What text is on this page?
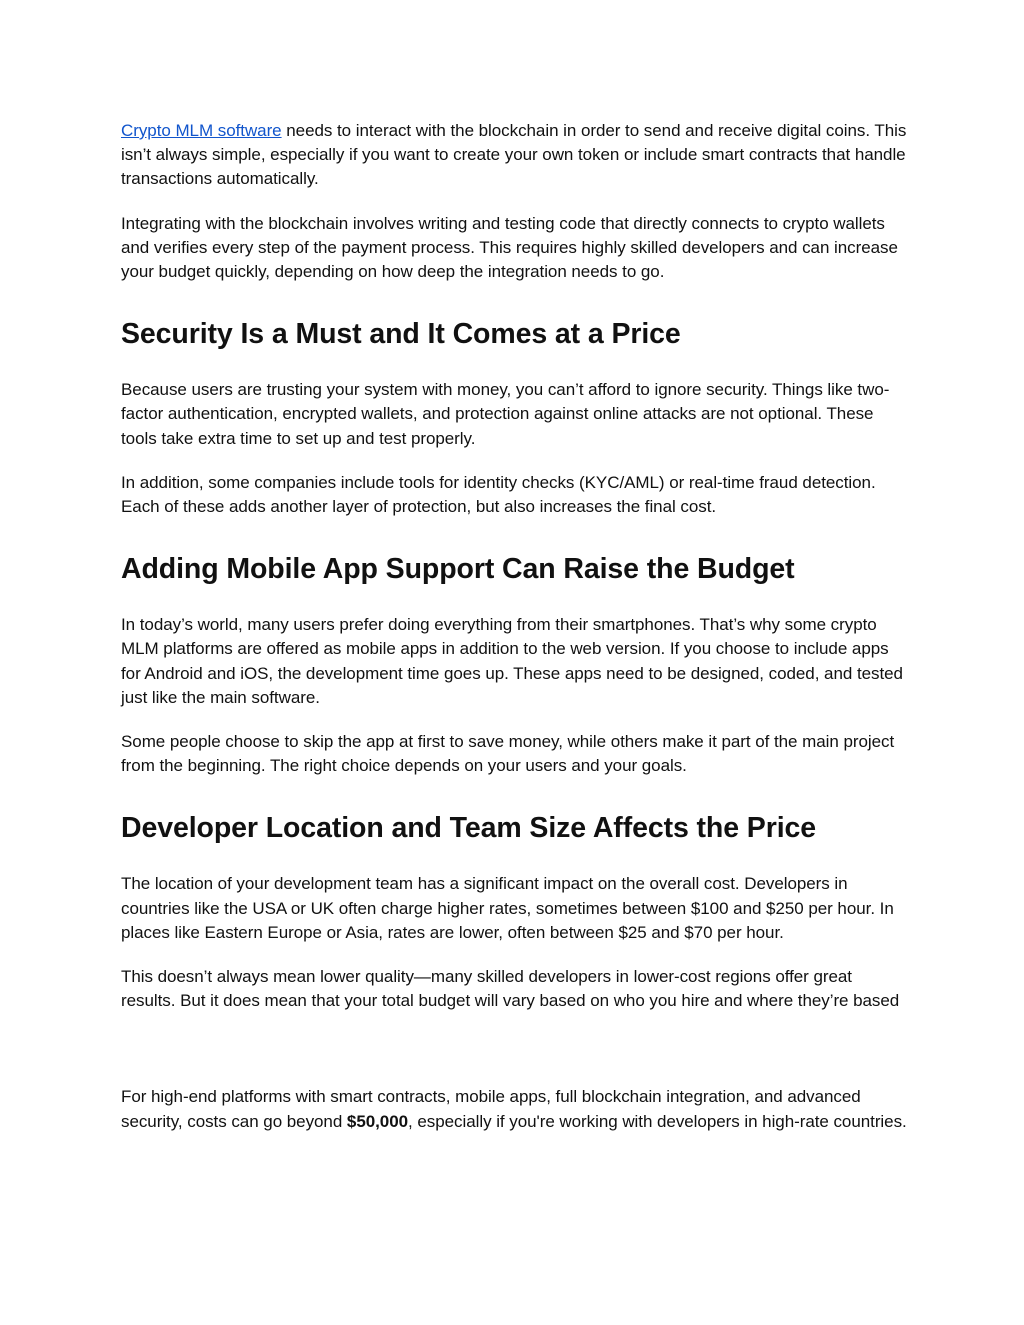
Crypto MLM software needs to interact with the blockchain in order to send and receive digital coins. This isn’t always simple, especially if you want to create your own token or include smart contracts that handle transactions automatically.

Integrating with the blockchain involves writing and testing code that directly connects to crypto wallets and verifies every step of the payment process. This requires highly skilled developers and can increase your budget quickly, depending on how deep the integration needs to go.

Security Is a Must and It Comes at a Price

Because users are trusting your system with money, you can’t afford to ignore security. Things like two-factor authentication, encrypted wallets, and protection against online attacks are not optional. These tools take extra time to set up and test properly.

In addition, some companies include tools for identity checks (KYC/AML) or real-time fraud detection. Each of these adds another layer of protection, but also increases the final cost.

Adding Mobile App Support Can Raise the Budget

In today’s world, many users prefer doing everything from their smartphones. That’s why some crypto MLM platforms are offered as mobile apps in addition to the web version. If you choose to include apps for Android and iOS, the development time goes up. These apps need to be designed, coded, and tested just like the main software.

Some people choose to skip the app at first to save money, while others make it part of the main project from the beginning. The right choice depends on your users and your goals.

Developer Location and Team Size Affects the Price

The location of your development team has a significant impact on the overall cost. Developers in countries like the USA or UK often charge higher rates, sometimes between $100 and $250 per hour. In places like Eastern Europe or Asia, rates are lower, often between $25 and $70 per hour.

This doesn’t always mean lower quality—many skilled developers in lower-cost regions offer great results. But it does mean that your total budget will vary based on who you hire and where they’re based

For high-end platforms with smart contracts, mobile apps, full blockchain integration, and advanced security, costs can go beyond $50,000, especially if you're working with developers in high-rate countries.
